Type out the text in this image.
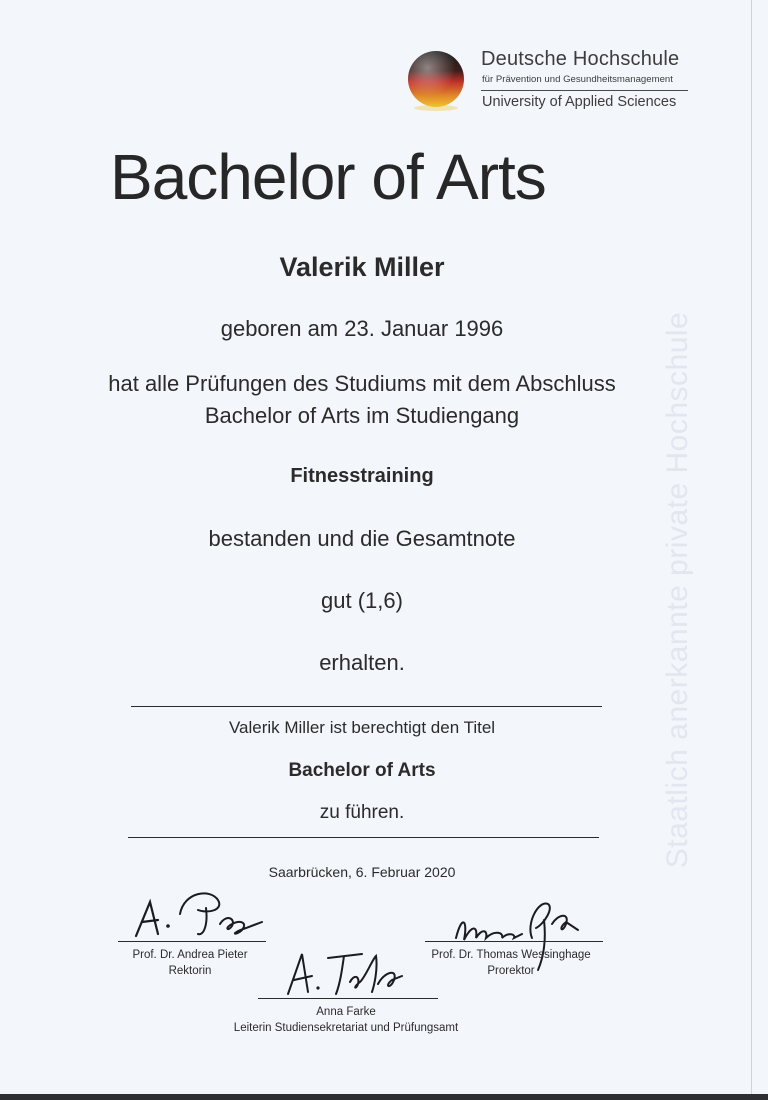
Deutsche Hochschule
für Prävention und Gesundheitsmanagement
University of Applied Sciences
Staatlich anerkannte private Hochschule
Bachelor of Arts
Valerik Miller
geboren am 23. Januar 1996
hat alle Prüfungen des Studiums mit dem Abschluss
Bachelor of Arts im Studiengang
Fitnesstraining
bestanden und die Gesamtnote
gut (1,6)
erhalten.
Valerik Miller ist berechtigt den Titel
Bachelor of Arts
zu führen.
Saarbrücken, 6. Februar 2020
Prof. Dr. Andrea Pieter
Rektorin
Prof. Dr. Thomas Wessinghage
Prorektor
Anna Farke
Leiterin Studiensekretariat und Prüfungsamt
